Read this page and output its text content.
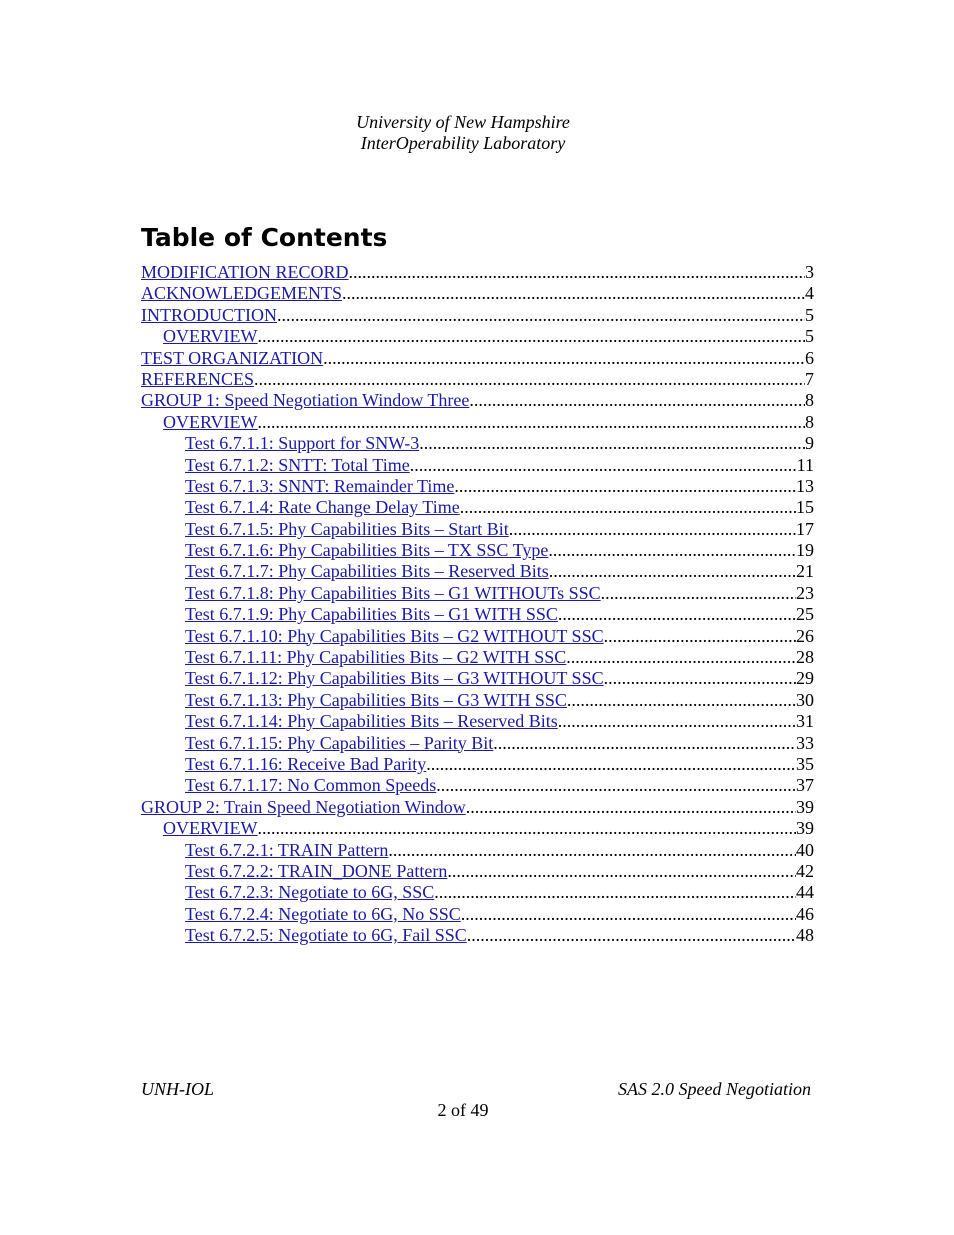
University of New Hampshire
InterOperability Laboratory
Table of Contents
MODIFICATION RECORD .....	3
ACKNOWLEDGEMENTS .....	4
INTRODUCTION .....	5
OVERVIEW .....	5
TEST ORGANIZATION .....	6
REFERENCES .....	7
GROUP 1: Speed Negotiation Window Three .....	8
OVERVIEW .....	8
Test 6.7.1.1: Support for SNW-3 .....	9
Test 6.7.1.2: SNTT: Total Time .....	11
Test 6.7.1.3: SNNT: Remainder Time .....	13
Test 6.7.1.4: Rate Change Delay Time .....	15
Test 6.7.1.5: Phy Capabilities Bits – Start Bit .....	17
Test 6.7.1.6: Phy Capabilities Bits – TX SSC Type .....	19
Test 6.7.1.7: Phy Capabilities Bits – Reserved Bits .....	21
Test 6.7.1.8: Phy Capabilities Bits – G1 WITHOUTs SSC .....	23
Test 6.7.1.9: Phy Capabilities Bits – G1 WITH SSC .....	25
Test 6.7.1.10: Phy Capabilities Bits – G2 WITHOUT SSC .....	26
Test 6.7.1.11: Phy Capabilities Bits – G2 WITH SSC .....	28
Test 6.7.1.12: Phy Capabilities Bits – G3 WITHOUT SSC .....	29
Test 6.7.1.13: Phy Capabilities Bits – G3 WITH SSC .....	30
Test 6.7.1.14: Phy Capabilities Bits – Reserved Bits .....	31
Test 6.7.1.15: Phy Capabilities – Parity Bit .....	33
Test 6.7.1.16: Receive Bad Parity .....	35
Test 6.7.1.17: No Common Speeds .....	37
GROUP 2: Train Speed Negotiation Window .....	39
OVERVIEW .....	39
Test 6.7.2.1: TRAIN Pattern .....	40
Test 6.7.2.2: TRAIN_DONE Pattern .....	42
Test 6.7.2.3: Negotiate to 6G, SSC .....	44
Test 6.7.2.4: Negotiate to 6G, No SSC .....	46
Test 6.7.2.5: Negotiate to 6G, Fail SSC .....	48
UNH-IOL	SAS 2.0 Speed Negotiation
2 of 49
